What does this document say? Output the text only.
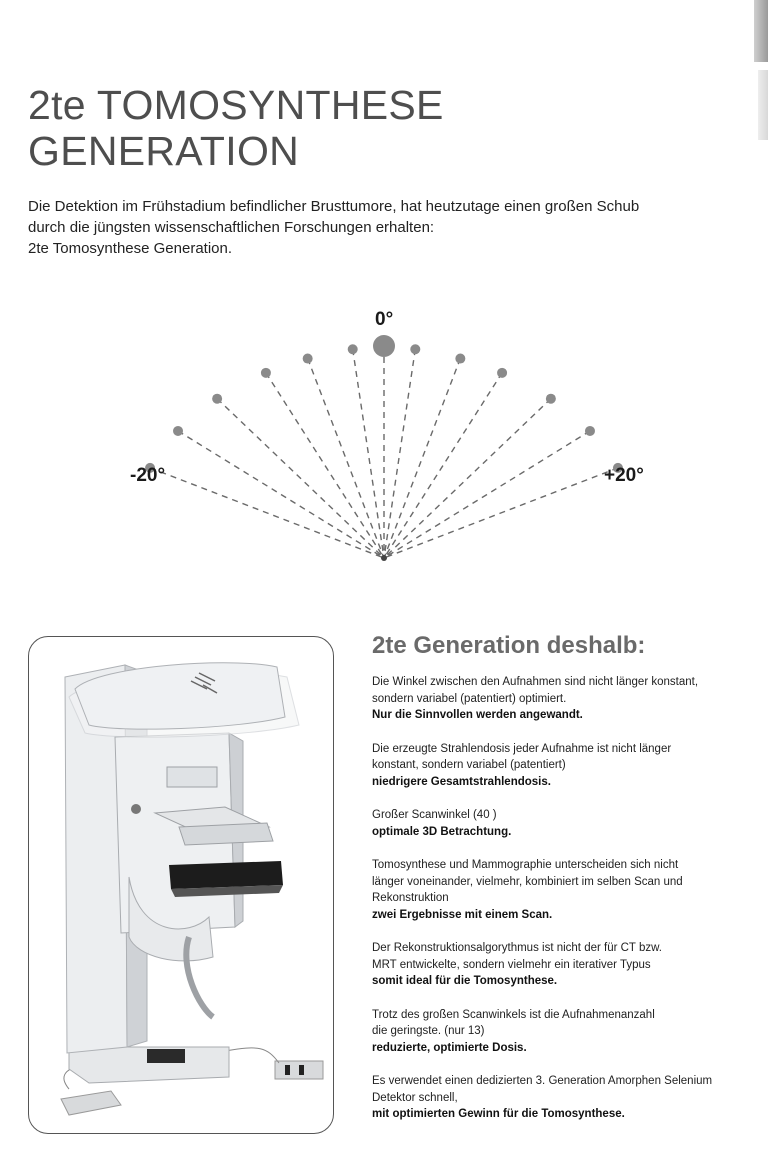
2te TOMOSYNTHESE
GENERATION
Die Detektion im Frühstadium befindlicher Brusttumore, hat heutzutage einen großen Schub
durch die jüngsten wissenschaftlichen Forschungen erhalten:
2te Tomosynthese Generation.
0°
-20°	+20°
2te Generation deshalb:
Die Winkel zwischen den Aufnahmen sind nicht länger konstant,
sondern variabel (patentiert) optimiert.
Nur die Sinnvollen werden angewandt.
Die erzeugte Strahlendosis jeder Aufnahme ist nicht länger
konstant, sondern variabel (patentiert)
niedrigere Gesamtstrahlendosis.
Großer Scanwinkel (40 )
optimale 3D Betrachtung.
Tomosynthese und Mammographie unterscheiden sich nicht
länger voneinander, vielmehr, kombiniert im selben Scan und
Rekonstruktion
zwei Ergebnisse mit einem Scan.
Der Rekonstruktionsalgorythmus ist nicht der für CT bzw.
MRT entwickelte, sondern vielmehr ein iterativer Typus
somit ideal für die Tomosynthese.
Trotz des großen Scanwinkels ist die Aufnahmenanzahl
die geringste. (nur 13)
reduzierte, optimierte Dosis.
Es verwendet einen dedizierten 3. Generation Amorphen Selenium
Detektor schnell,
mit optimierten Gewinn für die Tomosynthese.
